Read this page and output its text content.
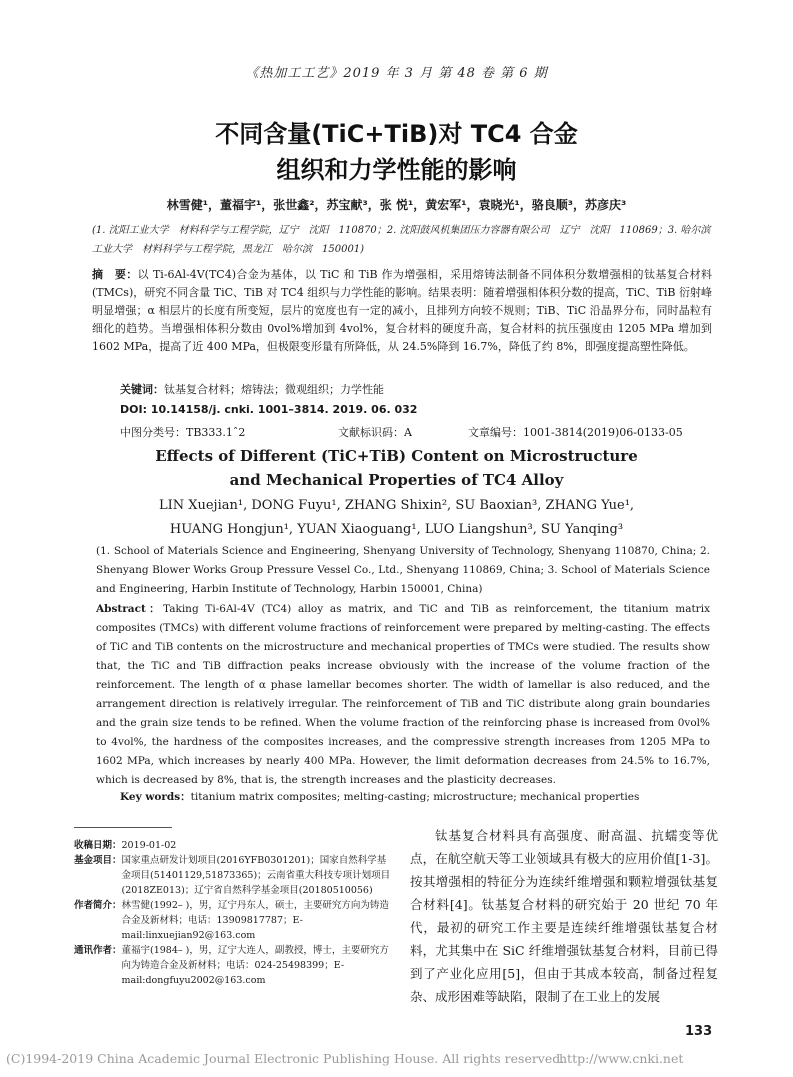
《热加工工艺》2019 年 3 月 第 48 卷 第 6 期
不同含量(TiC+TiB)对 TC4 合金
组织和力学性能的影响
林雪健¹，董福宇¹，张世鑫²，苏宝献³，张 悦¹，黄宏军¹，袁晓光¹，骆良顺³，苏彦庆³
(1. 沈阳工业大学　材料科学与工程学院，辽宁　沈阳　110870；2. 沈阳鼓风机集团压力容器有限公司　辽宁　沈阳　110869；3. 哈尔滨工业大学　材料科学与工程学院，黑龙江　哈尔滨　150001)
摘　要：以 Ti-6Al-4V(TC4)合金为基体，以 TiC 和 TiB 作为增强相，采用熔铸法制备不同体积分数增强相的钛基复合材料(TMCs)，研究不同含量 TiC、TiB 对 TC4 组织与力学性能的影响。结果表明：随着增强相体积分数的提高，TiC、TiB 衍射峰明显增强；α 相层片的长度有所变短，层片的宽度也有一定的减小，且排列方向较不规则；TiB、TiC 沿晶界分布，同时晶粒有细化的趋势。当增强相体积分数由 0vol%增加到 4vol%，复合材料的硬度升高，复合材料的抗压强度由 1205 MPa 增加到 1602 MPa，提高了近 400 MPa，但极限变形量有所降低，从 24.5%降到 16.7%，降低了约 8%，即强度提高塑性降低。
关键词：钛基复合材料；熔铸法；微观组织；力学性能
DOI: 10.14158/j. cnki. 1001–3814. 2019. 06. 032
中图分类号：TB333.1ˆ2	文献标识码：A	文章编号：1001-3814(2019)06-0133-05
Effects of Different (TiC+TiB) Content on Microstructure
and Mechanical Properties of TC4 Alloy
LIN Xuejian¹, DONG Fuyu¹, ZHANG Shixin², SU Baoxian³, ZHANG Yue¹,
HUANG Hongjun¹, YUAN Xiaoguang¹, LUO Liangshun³, SU Yanqing³
(1. School of Materials Science and Engineering, Shenyang University of Technology, Shenyang 110870, China; 2. Shenyang Blower Works Group Pressure Vessel Co., Ltd., Shenyang 110869, China; 3. School of Materials Science and Engineering, Harbin Institute of Technology, Harbin 150001, China)
Abstract：Taking Ti-6Al-4V (TC4) alloy as matrix, and TiC and TiB as reinforcement, the titanium matrix composites (TMCs) with different volume fractions of reinforcement were prepared by melting-casting. The effects of TiC and TiB contents on the microstructure and mechanical properties of TMCs were studied. The results show that, the TiC and TiB diffraction peaks increase obviously with the increase of the volume fraction of the reinforcement. The length of α phase lamellar becomes shorter. The width of lamellar is also reduced, and the arrangement direction is relatively irregular. The reinforcement of TiB and TiC distribute along grain boundaries and the grain size tends to be refined. When the volume fraction of the reinforcing phase is increased from 0vol% to 4vol%, the hardness of the composites increases, and the compressive strength increases from 1205 MPa to 1602 MPa, which increases by nearly 400 MPa. However, the limit deformation decreases from 24.5% to 16.7%, which is decreased by 8%, that is, the strength increases and the plasticity decreases.
Key words：titanium matrix composites; melting-casting; microstructure; mechanical properties
收稿日期： 2019-01-02
基金项目： 国家重点研发计划项目(2016YFB0301201)；国家自然科学基金项目(51401129,51873365)；云南省重大科技专项计划项目(2018ZE013)；辽宁省自然科学基金项目(20180510056)
作者简介： 林雪健(1992– )，男，辽宁丹东人，硕士，主要研究方向为铸造合金及新材料；电话：13909817787；E-mail:linxuejian92@163.com
通讯作者： 董福宇(1984– )，男，辽宁大连人，副教授，博士，主要研究方向为铸造合金及新材料；电话：024-25498399；E-mail:dongfuyu2002@163.com
钛基复合材料具有高强度、耐高温、抗蠕变等优点，在航空航天等工业领域具有极大的应用价值[1-3]。按其增强相的特征分为连续纤维增强和颗粒增强钛基复合材料[4]。钛基复合材料的研究始于 20 世纪 70 年代，最初的研究工作主要是连续纤维增强钛基复合材料，尤其集中在 SiC 纤维增强钛基复合材料，目前已得到了产业化应用[5]，但由于其成本较高，制备过程复杂、成形困难等缺陷，限制了在工业上的发展
133
(C)1994-2019 China Academic Journal Electronic Publishing House. All rights reserved.
http://www.cnki.net
